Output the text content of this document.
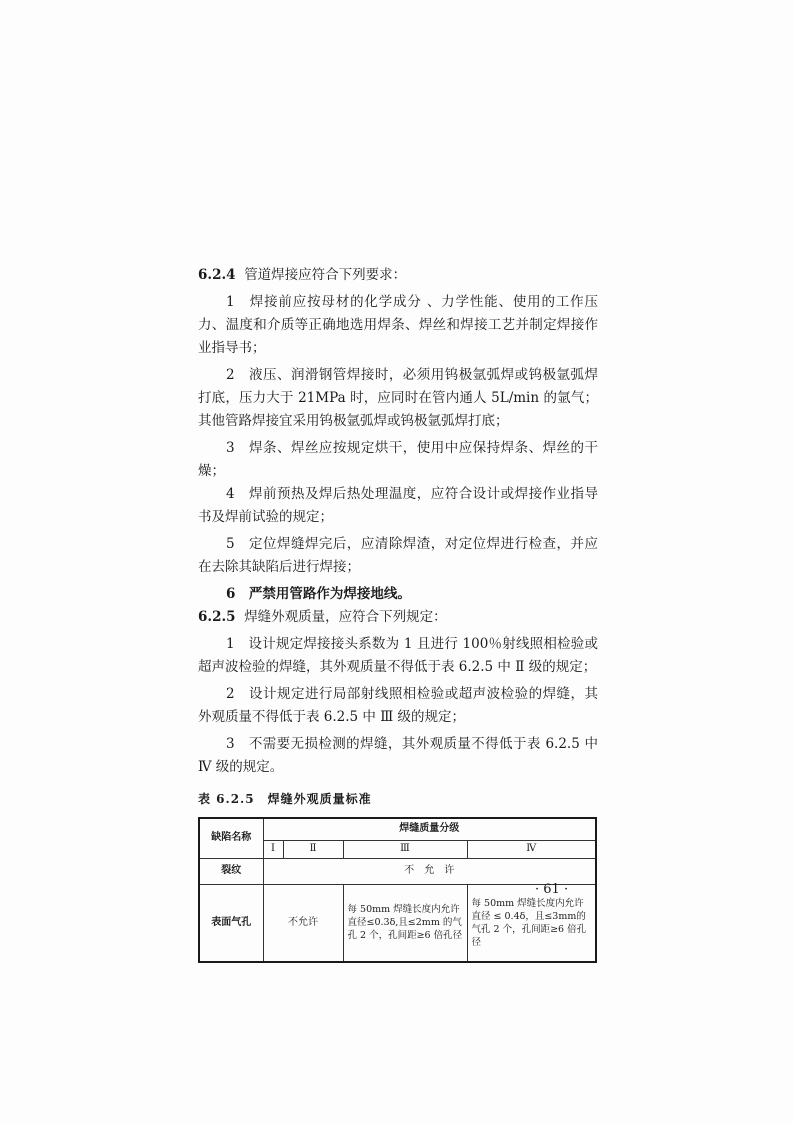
6.2.4 管道焊接应符合下列要求：

1　焊接前应按母材的化学成分 、力学性能、使用的工作压力、温度和介质等正确地选用焊条、焊丝和焊接工艺并制定焊接作业指导书；

2　液压、润滑钢管焊接时，必须用钨极氩弧焊或钨极氩弧焊打底，压力大于 21MPa 时，应同时在管内通人 5L/min 的氩气；其他管路焊接宜采用钨极氩弧焊或钨极氩弧焊打底；

3　焊条、焊丝应按规定烘干，使用中应保持焊条、焊丝的干燥；

4　焊前预热及焊后热处理温度，应符合设计或焊接作业指导书及焊前试验的规定；

5　定位焊缝焊完后，应清除焊渣，对定位焊进行检查，并应在去除其缺陷后进行焊接；

6　严禁用管路作为焊接地线。

6.2.5 焊缝外观质量，应符合下列规定：

1　设计规定焊接接头系数为 1 且进行 100％射线照相检验或超声波检验的焊缝，其外观质量不得低于表 6.2.5 中 Ⅱ 级的规定；

2　设计规定进行局部射线照相检验或超声波检验的焊缝，其外观质量不得低于表 6.2.5 中 Ⅲ 级的规定；

3　不需要无损检测的焊缝，其外观质量不得低于表 6.2.5 中 Ⅳ 级的规定。

表 6.2.5　焊缝外观质量标准

缺陷名称	焊缝质量分级			
	Ⅰ	Ⅱ	Ⅲ	Ⅳ
裂纹	不　允　许			
表面气孔	不允许		每 50mm 焊缝长度内允许直径≤0.3δ,且≤2mm 的气孔 2 个，孔间距≥6 倍孔径	每 50mm 焊缝长度内允许直径 ≤ 0.4δ，且≤3mm的气孔 2 个，孔间距≥6 倍孔径
· 61 ·
